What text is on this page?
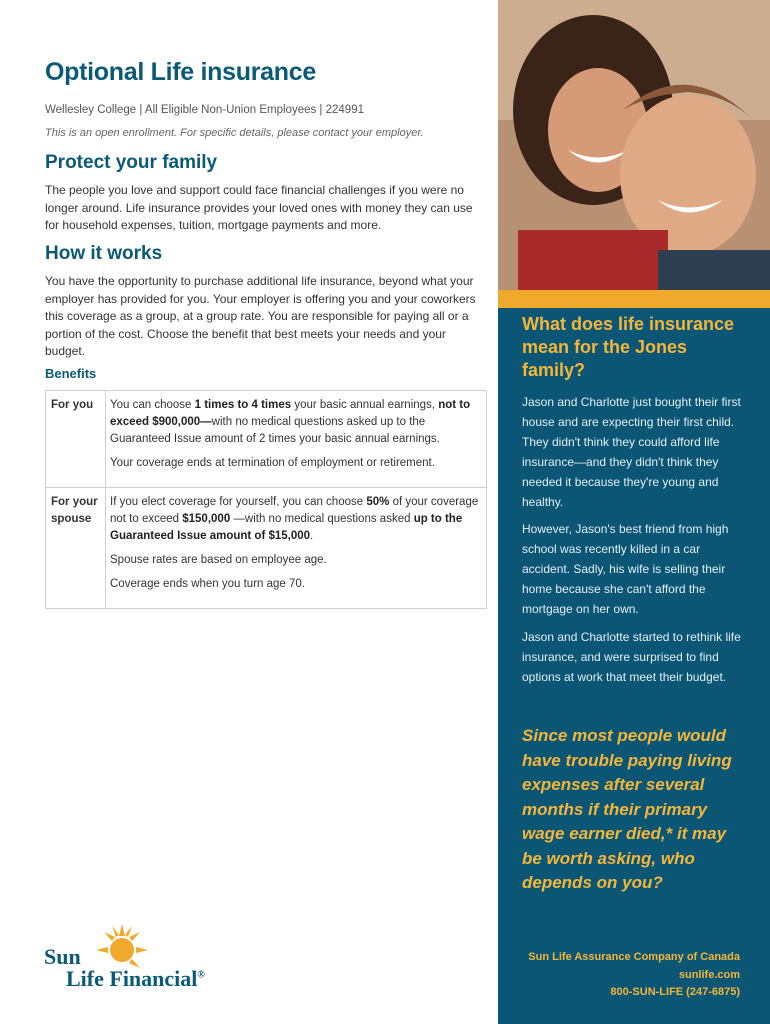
Optional Life insurance
Wellesley College | All Eligible Non-Union Employees | 224991
This is an open enrollment. For specific details, please contact your employer.
Protect your family

The people you love and support could face financial challenges if you were no longer around. Life insurance provides your loved ones with money they can use for household expenses, tuition, mortgage payments and more.

How it works

You have the opportunity to purchase additional life insurance, beyond what your employer has provided for you. Your employer is offering you and your coworkers this coverage as a group, at a group rate. You are responsible for paying all or a portion of the cost. Choose the benefit that best meets your needs and your budget.

Benefits
For you	You can choose 1 times to 4 times your basic annual earnings, not to exceed $900,000—with no medical questions asked up to the Guaranteed Issue amount of 2 times your basic annual earnings.

Your coverage ends at termination of employment or retirement.

For your spouse

If you elect coverage for yourself, you can choose 50% of your coverage not to exceed $150,000 —with no medical questions asked up to the Guaranteed Issue amount of $15,000.

Spouse rates are based on employee age.

Coverage ends when you turn age 70.

Sun
Life Financial®
What does life insurance mean for the Jones family?

Jason and Charlotte just bought their first house and are expecting their first child. They didn't think they could afford life insurance—and they didn't think they needed it because they're young and healthy.

However, Jason's best friend from high school was recently killed in a car accident. Sadly, his wife is selling their home because she can't afford the mortgage on her own.

Jason and Charlotte started to rethink life insurance, and were surprised to find options at work that meet their budget.

Since most people would have trouble paying living expenses after several months if their primary wage earner died,* it may be worth asking, who depends on you?

Sun Life Assurance Company of Canada
sunlife.com
800-SUN-LIFE (247-6875)
